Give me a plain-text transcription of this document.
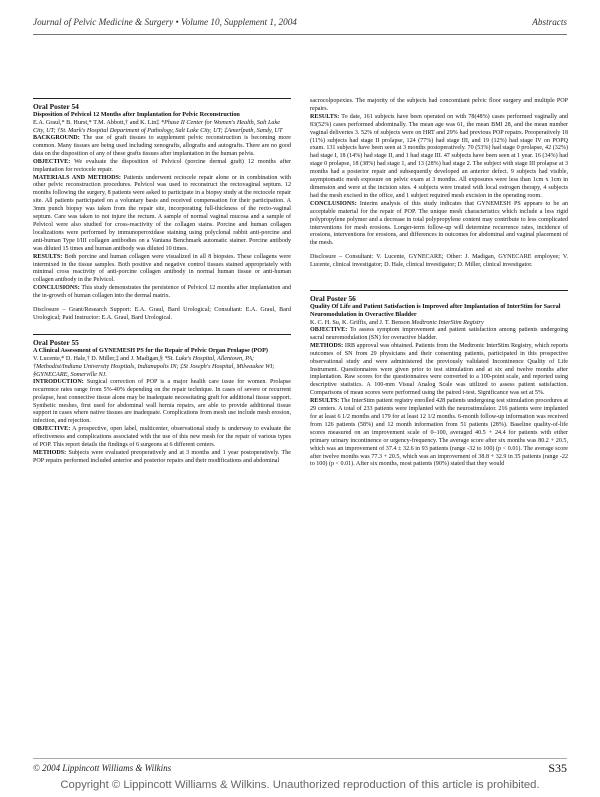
Journal of Pelvic Medicine & Surgery • Volume 10, Supplement 1, 2004	Abstracts
Oral Poster 54
Disposition of Pelvicol 12 Months after Implantation for Pelvic Reconstruction
E.A. Graul,* B. Hurst,* T.M. Abbott,† and K. Lin‡ *Phase II Center for Women's Health, Salt Lake City, UT; †St. Mark's Hospital Department of Pathology, Salt Lake City, UT; ‡Amerlpath, Sandy, UT

BACKGROUND: The use of graft tissues to supplement pelvic reconstruction is becoming more common. Many tissues are being used including xenografts, allografts and autografts. There are no good data on the disposition of any of these grafts tissues after implantation in the human pelvis.

OBJECTIVE: We evaluate the disposition of Pelvicol (porcine dermal graft) 12 months after implantation for rectocele repair.

MATERIALS AND METHODS: Patients underwent rectocele repair alone or in combination with other pelvic reconstruction procedures. Pelvicol was used to reconstruct the rectovaginal septum. 12 months following the surgery, 8 patients were asked to participate in a biopsy study at the rectocele repair site. All patients participated on a voluntary basis and received compensation for their participation. A 3mm punch biopsy was taken from the repair site, incorporating full-thickness of the recto-vaginal septum. Care was taken to not injure the rectum. A sample of normal vaginal mucosa and a sample of Pelvicol were also studied for cross-reactivity of the collagen stains. Porcine and human collagen localizations were performed by immunoperoxidase staining using polyclonal rabbit anti-porcine and anti-human Type I/III collagen antibodies on a Vantana Benchmark automatic stainer. Porcine antibody was diluted 15 times and human antibody was diluted 10 times.

RESULTS: Both porcine and human collagen were visualized in all 8 biopsies. These collagens were intermixed in the tissue samples. Both positive and negative control tissues stained appropriately with minimal cross reactivity of anti-porcine collagen antibody in normal human tissue or anti-human collagen antibody in the Pelvicol.

CONCLUSIONS: This study demonstrates the persistence of Pelvicol 12 months after implantation and the in-growth of human collagen into the dermal matrix.

Disclosure – Grant/Research Support: E.A. Graul, Bard Urological; Consultant: E.A. Graul, Bard Urological; Paid Instructor: E.A. Graul, Bard Urological.
Oral Poster 55
A Clinical Assessment of GYNEMESH PS for the Repair of Pelvic Organ Prolapse (POP)
V. Lucente,* D. Hale,† D. Miller,‡ and J. Madigan,§ *St. Luke's Hospital, Allentown, PA; †Methodist/Indiana University Hospitals, Indianapolis IN; ‡St Joseph's Hospital, Milwaukee WI; §GYNECARE, Somerville NJ.

INTRODUCTION: Surgical correction of POP is a major health care issue for women. Prolapse recurrence rates range from 5%-40% depending on the repair technique. In cases of severe or recurrent prolapse, host connective tissue alone may be inadequate necessitating graft for additional tissue support. Synthetic meshes, first used for abdominal wall hernia repairs, are able to provide additional tissue support in cases where native tissues are inadequate. Complications from mesh use include mesh erosion, infection, and rejection.

OBJECTIVE: A prospective, open label, multicenter, observational study is underway to evaluate the effectiveness and complications associated with the use of this new mesh for the repair of various types of POP. This report details the findings of 6 surgeons at 6 different centers.

METHODS: Subjects were evaluated preoperatively and at 3 months and 1 year postoperatively. The POP repairs performed included anterior and posterior repairs and their modifications and abdominal

sacrocolpopexies. The majority of the subjects had concomitant pelvic floor surgery and multiple POP repairs.

RESULTS: To date, 161 subjects have been operated on with 78(48%) cases performed vaginally and 83(52%) cases performed abdominally. The mean age was 61, the mean BMI 28, and the mean number vaginal deliveries 3. 52% of subjects were on HRT and 29% had previous POP repairs. Preoperatively 18 (11%) subjects had stage II prolapse, 124 (77%) had stage III, and 19 (12%) had stage IV on POPQ exam. 131 subjects have been seen at 3 months postoperatively. 70 (53%) had stage 0 prolapse, 42 (32%) had stage I, 18 (14%) had stage II, and 1 had stage III. 47 subjects have been seen at 1 year. 16 (34%) had stage 0 prolapse, 18 (38%) had stage 1, and 13 (28%) had stage 2. The subject with stage III prolapse at 3 months had a posterior repair and subsequently developed an anterior defect. 9 subjects had visible, asymptomatic mesh exposure on pelvic exam at 3 months. All exposures were less than 1cm x 1cm in dimension and were at the incision sites. 4 subjects were treated with local estrogen therapy, 4 subjects had the mesh excised in the office, and 1 subject required mesh excision in the operating room.

CONCLUSIONS: Interim analysis of this study indicates that GYNEMESH PS appears to be an acceptable material for the repair of POP. The unique mesh characteristics which include a less rigid polypropylene polymer and a decrease in total polypropylene content may contribute to less complicated interventions for mesh erosions. Longer-term follow-up will determine recurrence rates, incidence of erosions, interventions for erosions, and differences in outcomes for abdominal and vaginal placement of the mesh.

Disclosure – Consultant: V. Lucente, GYNECARE; Other: J. Madigan, GYNECARE employee; V. Lucente, clinical investigator; D. Hale, clinical investigator; D. Miller, clinical investigator.
Oral Poster 56
Quality Of Life and Patient Satisfaction is Improved after Implantation of InterStim for Sacral Neuromodulation in Overactive Bladder
K. C. H. Su, K. Griffis, and J. T. Benson Medtronic InterStim Registry

OBJECTIVE: To assess symptom improvement and patient satisfaction among patients undergoing sacral neuromodulation (SN) for overactive bladder.

METHODS: IRB approval was obtained. Patients from the Medtronic InterStim Registry, which reports outcomes of SN from 29 physicians and their consenting patients, participated in this prospective observational study and were administered the previously validated Incontinence Quality of Life Instrument. Questionnaires were given prior to test stimulation and at six and twelve months after implantation. Raw scores for the questionnaires were converted to a 100-point scale, and reported using descriptive statistics. A 100-mm Visual Analog Scale was utilized to assess patient satisfaction. Comparisons of mean scores were performed using the paired t-test. Significance was set at 5%.

RESULTS: The InterStim patient registry enrolled 428 patients undergoing test stimulation procedures at 29 centers. A total of 233 patients were implanted with the neurostimulator. 216 patients were implanted for at least 6 1/2 months and 179 for at least 12 1/2 months. 6-month follow-up information was received from 126 patients (58%) and 12 month information from 51 patients (28%). Baseline quality-of-life scores measured on an improvement scale of 0–100, averaged 40.5 + 24.4 for patients with either primary urinary incontinence or urgency-frequency. The average score after six months was 80.2 + 20.5, which was an improvement of 37.4 ± 32.6 in 93 patients (range -32 to 100) (p < 0.01). The average score after twelve months was 77.3 + 20.5, which was an improvement of 38.8 + 32.9 in 35 patients (range -22 to 100) (p < 0.01). After six months, most patients (90%) stated that they would

© 2004 Lippincott Williams & Wilkins	S35
Copyright © Lippincott Williams & Wilkins. Unauthorized reproduction of this article is prohibited.
